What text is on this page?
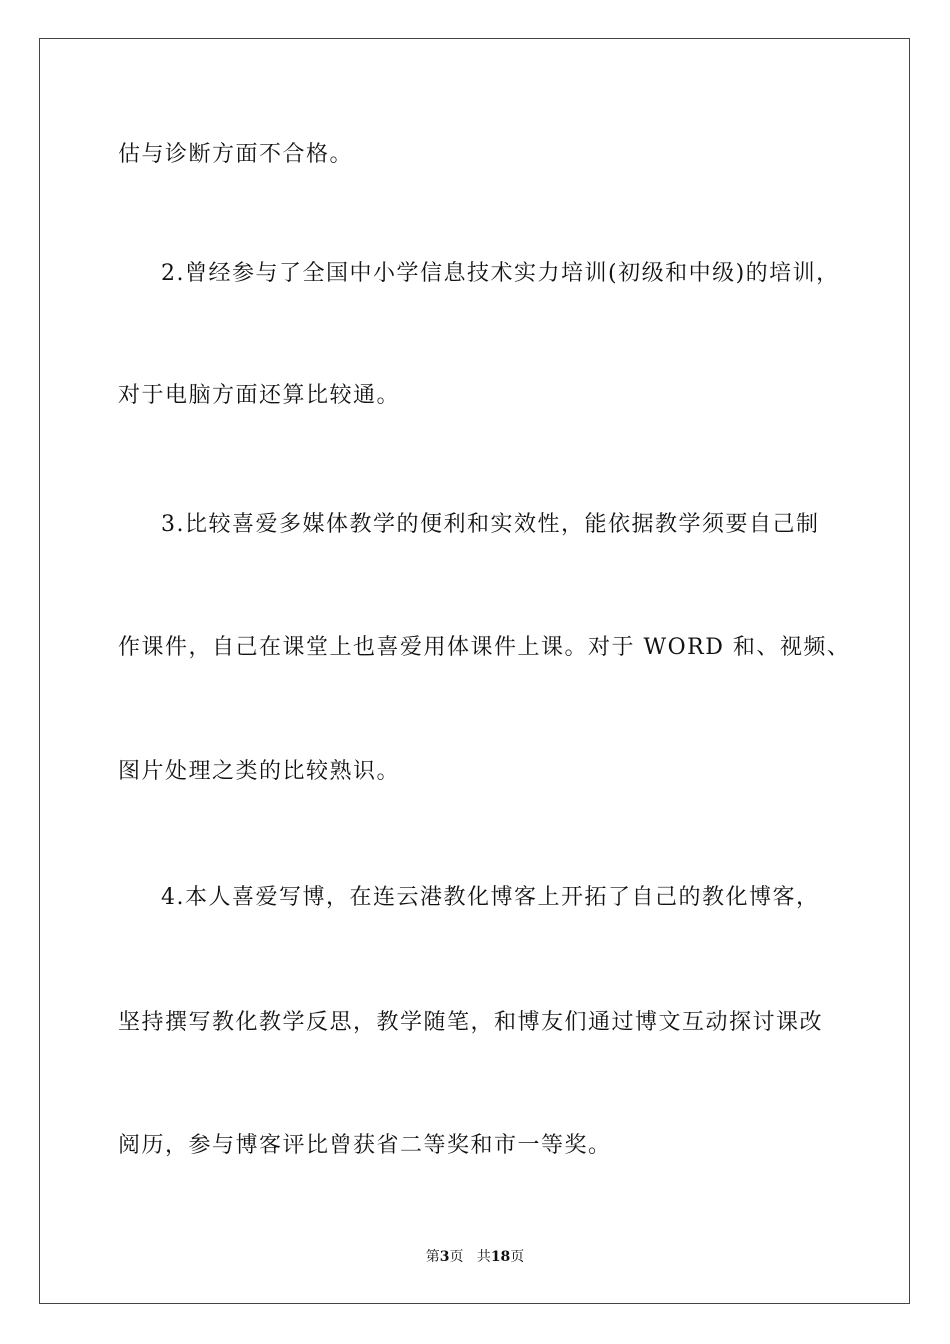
估与诊断方面不合格。
2.曾经参与了全国中小学信息技术实力培训(初级和中级)的培训，
对于电脑方面还算比较通。
3.比较喜爱多媒体教学的便利和实效性，能依据教学须要自己制
作课件，自己在课堂上也喜爱用体课件上课。对于 WORD 和、视频、
图片处理之类的比较熟识。
4.本人喜爱写博，在连云港教化博客上开拓了自己的教化博客，
坚持撰写教化教学反思，教学随笔，和博友们通过博文互动探讨课改
阅历，参与博客评比曾获省二等奖和市一等奖。
第3页 共18页
